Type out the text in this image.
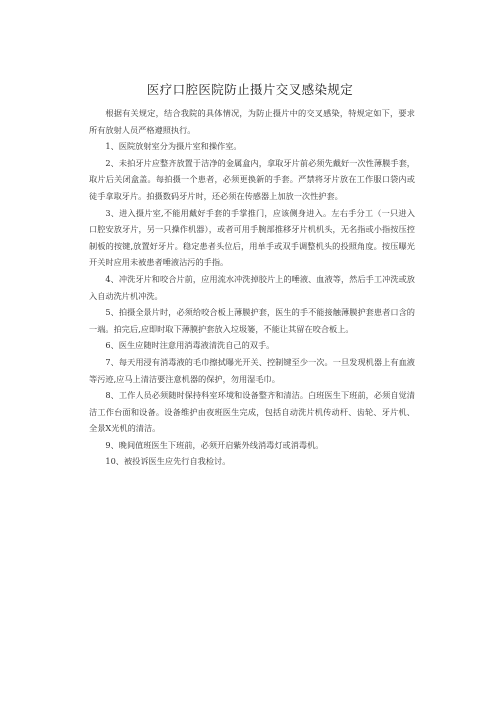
医疗口腔医院防止摄片交叉感染规定

根据有关规定，结合我院的具体情况，为防止摄片中的交叉感染，特规定如下，要求所有放射人员严格遵照执行。

1、医院放射室分为摄片室和操作室。

2、未拍牙片应整齐放置于洁净的金属盒内，拿取牙片前必须先戴好一次性薄膜手套，取片后关闭盒盖。每拍摄一个患者，必须更换新的手套。严禁将牙片放在工作服口袋内或徒手拿取牙片。拍摄数码牙片时，还必须在传感器上加放一次性护套。

3、进入摄片室,不能用戴好手套的手掌推门，应该侧身进入。左右手分工（一只进入口腔安放牙片，另一只操作机器），或者可用手腕部推移牙片机机头，无名指或小指按压控制板的按键,放置好牙片。稳定患者头位后，用单手或双手调整机头的投照角度。按压曝光开关时应用未被患者唾液沾污的手指。

4、冲洗牙片和咬合片前，应用流水冲洗掉胶片上的唾液、血液等，然后手工冲洗或放入自动洗片机冲洗。

5、拍摄全景片时，必须给咬合板上薄膜护套，医生的手不能接触薄膜护套患者口含的一端。拍完后,应即时取下薄膜护套放入垃圾篓，不能让其留在咬合板上。

6、医生应随时注意用消毒液清洗自己的双手。

7、每天用浸有消毒液的毛巾擦拭曝光开关、控制键至少一次。一旦发现机器上有血液等污迹,应马上清洁要注意机器的保护，勿用湿毛巾。

8、工作人员必须随时保持科室环境和设备整齐和清洁。白班医生下班前，必须自觉清洁工作台面和设备。设备维护由夜班医生完成，包括自动洗片机传动杆、齿轮、牙片机、全景X光机的清洁。

9、晚间值班医生下班前，必须开启紫外线消毒灯或消毒机。

10、被投诉医生应先行自我检讨。
